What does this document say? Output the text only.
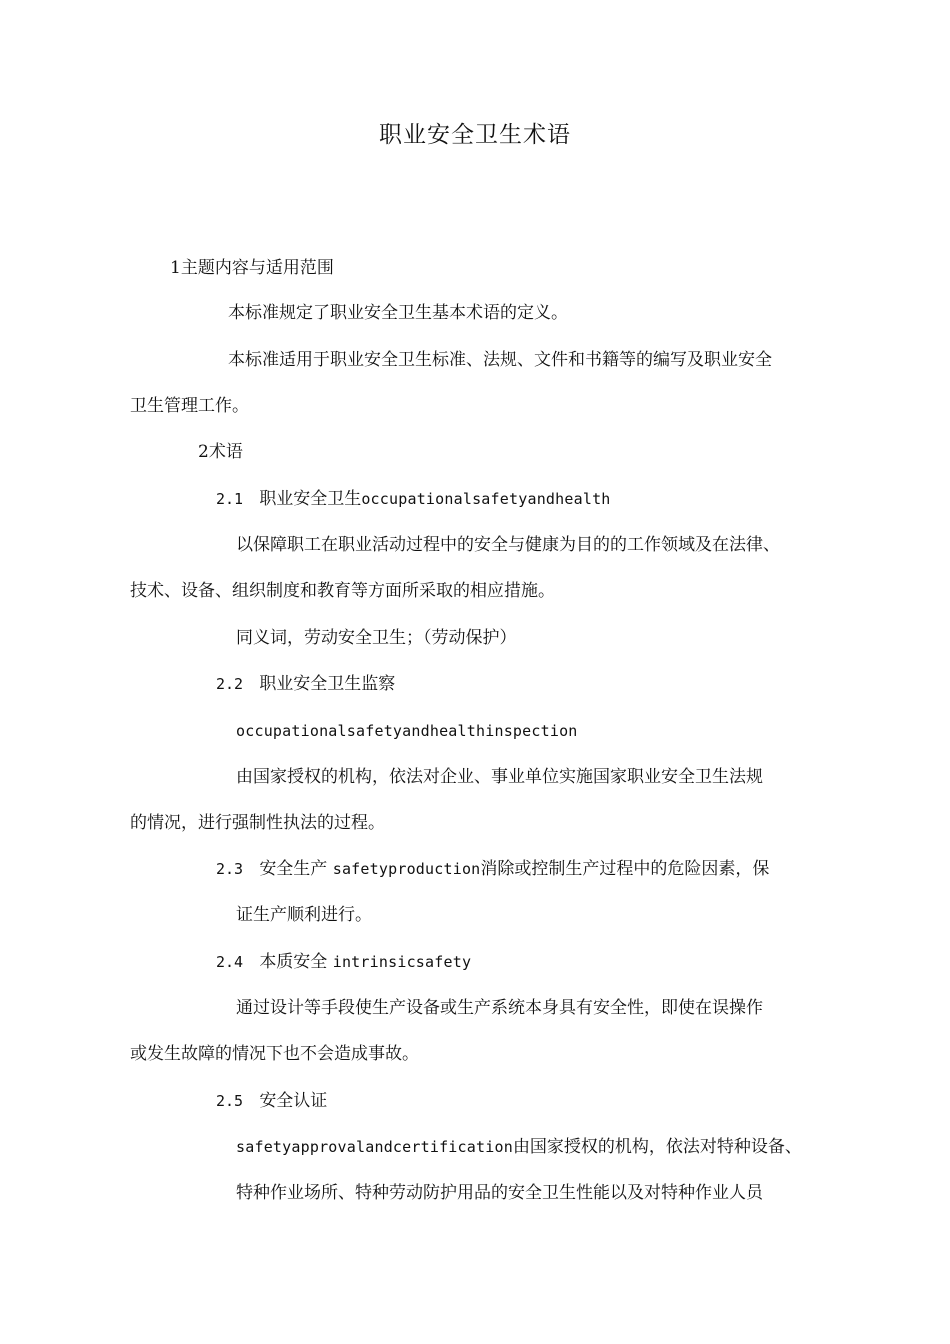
职业安全卫生术语
1主题内容与适用范围
本标准规定了职业安全卫生基本术语的定义。
本标准适用于职业安全卫生标准、法规、文件和书籍等的编写及职业安全
卫生管理工作。
2术语
2.1 职业安全卫生occupationalsafetyandhealth
以保障职工在职业活动过程中的安全与健康为目的的工作领域及在法律、
技术、设备、组织制度和教育等方面所采取的相应措施。
同义词，劳动安全卫生；（劳动保护）
2.2 职业安全卫生监察
occupationalsafetyandhealthinspection
由国家授权的机构，依法对企业、事业单位实施国家职业安全卫生法规
的情况，进行强制性执法的过程。
2.3 安全生产 safetyproduction消除或控制生产过程中的危险因素，保
证生产顺利进行。
2.4 本质安全 intrinsicsafety
通过设计等手段使生产设备或生产系统本身具有安全性，即使在误操作
或发生故障的情况下也不会造成事故。
2.5 安全认证
safetyapprovalandcertification由国家授权的机构，依法对特种设备、
特种作业场所、特种劳动防护用品的安全卫生性能以及对特种作业人员
